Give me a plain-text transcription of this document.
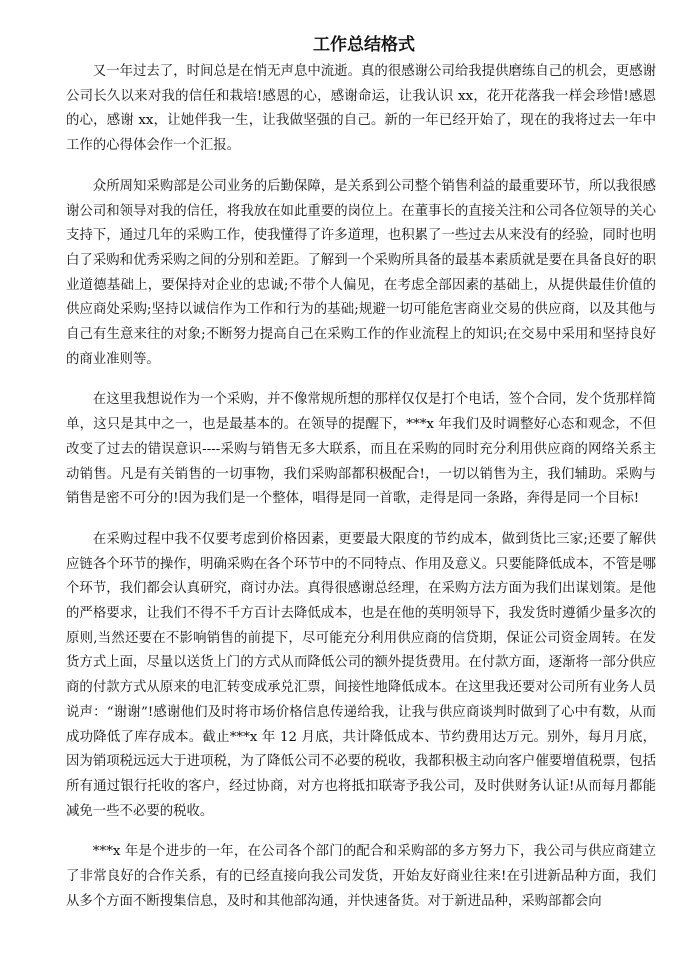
工作总结格式

又一年过去了，时间总是在悄无声息中流逝。真的很感谢公司给我提供磨练自己的机会，更感谢公司长久以来对我的信任和栽培!感恩的心，感谢命运，让我认识 xx，花开花落我一样会珍惜!感恩的心，感谢 xx，让她伴我一生，让我做坚强的自己。新的一年已经开始了，现在的我将过去一年中工作的心得体会作一个汇报。

众所周知采购部是公司业务的后勤保障，是关系到公司整个销售利益的最重要环节，所以我很感谢公司和领导对我的信任，将我放在如此重要的岗位上。在董事长的直接关注和公司各位领导的关心支持下，通过几年的采购工作，使我懂得了许多道理，也积累了一些过去从来没有的经验，同时也明白了采购和优秀采购之间的分别和差距。了解到一个采购所具备的最基本素质就是要在具备良好的职业道德基础上，要保持对企业的忠诚;不带个人偏见，在考虑全部因素的基础上，从提供最佳价值的供应商处采购;坚持以诚信作为工作和行为的基础;规避一切可能危害商业交易的供应商，以及其他与自己有生意来往的对象;不断努力提高自己在采购工作的作业流程上的知识;在交易中采用和坚持良好的商业准则等。

在这里我想说作为一个采购，并不像常规所想的那样仅仅是打个电话，签个合同，发个货那样简单，这只是其中之一，也是最基本的。在领导的提醒下，***x 年我们及时调整好心态和观念，不但改变了过去的错误意识----采购与销售无多大联系，而且在采购的同时充分利用供应商的网络关系主动销售。凡是有关销售的一切事物，我们采购部都积极配合!，一切以销售为主，我们辅助。采购与销售是密不可分的!因为我们是一个整体，唱得是同一首歌，走得是同一条路，奔得是同一个目标!

在采购过程中我不仅要考虑到价格因素，更要最大限度的节约成本，做到货比三家;还要了解供应链各个环节的操作，明确采购在各个环节中的不同特点、作用及意义。只要能降低成本，不管是哪个环节，我们都会认真研究，商讨办法。真得很感谢总经理，在采购方法方面为我们出谋划策。是他的严格要求，让我们不得不千方百计去降低成本，也是在他的英明领导下，我发货时遵循少量多次的原则,当然还要在不影响销售的前提下，尽可能充分利用供应商的信贷期，保证公司资金周转。在发货方式上面，尽量以送货上门的方式从而降低公司的额外提货费用。在付款方面，逐渐将一部分供应商的付款方式从原来的电汇转变成承兑汇票，间接性地降低成本。在这里我还要对公司所有业务人员说声：“谢谢”!感谢他们及时将市场价格信息传递给我，让我与供应商谈判时做到了心中有数，从而成功降低了库存成本。截止***x 年 12 月底，共计降低成本、节约费用达万元。别外，每月月底，因为销项税远远大于进项税，为了降低公司不必要的税收，我都积极主动向客户催要增值税票，包括所有通过银行托收的客户，经过协商，对方也将抵扣联寄予我公司，及时供财务认证!从而每月都能减免一些不必要的税收。

***x 年是个进步的一年，在公司各个部门的配合和采购部的多方努力下，我公司与供应商建立了非常良好的合作关系，有的已经直接向我公司发货，开始友好商业往来!在引进新品种方面，我们从多个方面不断搜集信息，及时和其他部沟通，并快速备货。对于新进品种，采购部都会向
